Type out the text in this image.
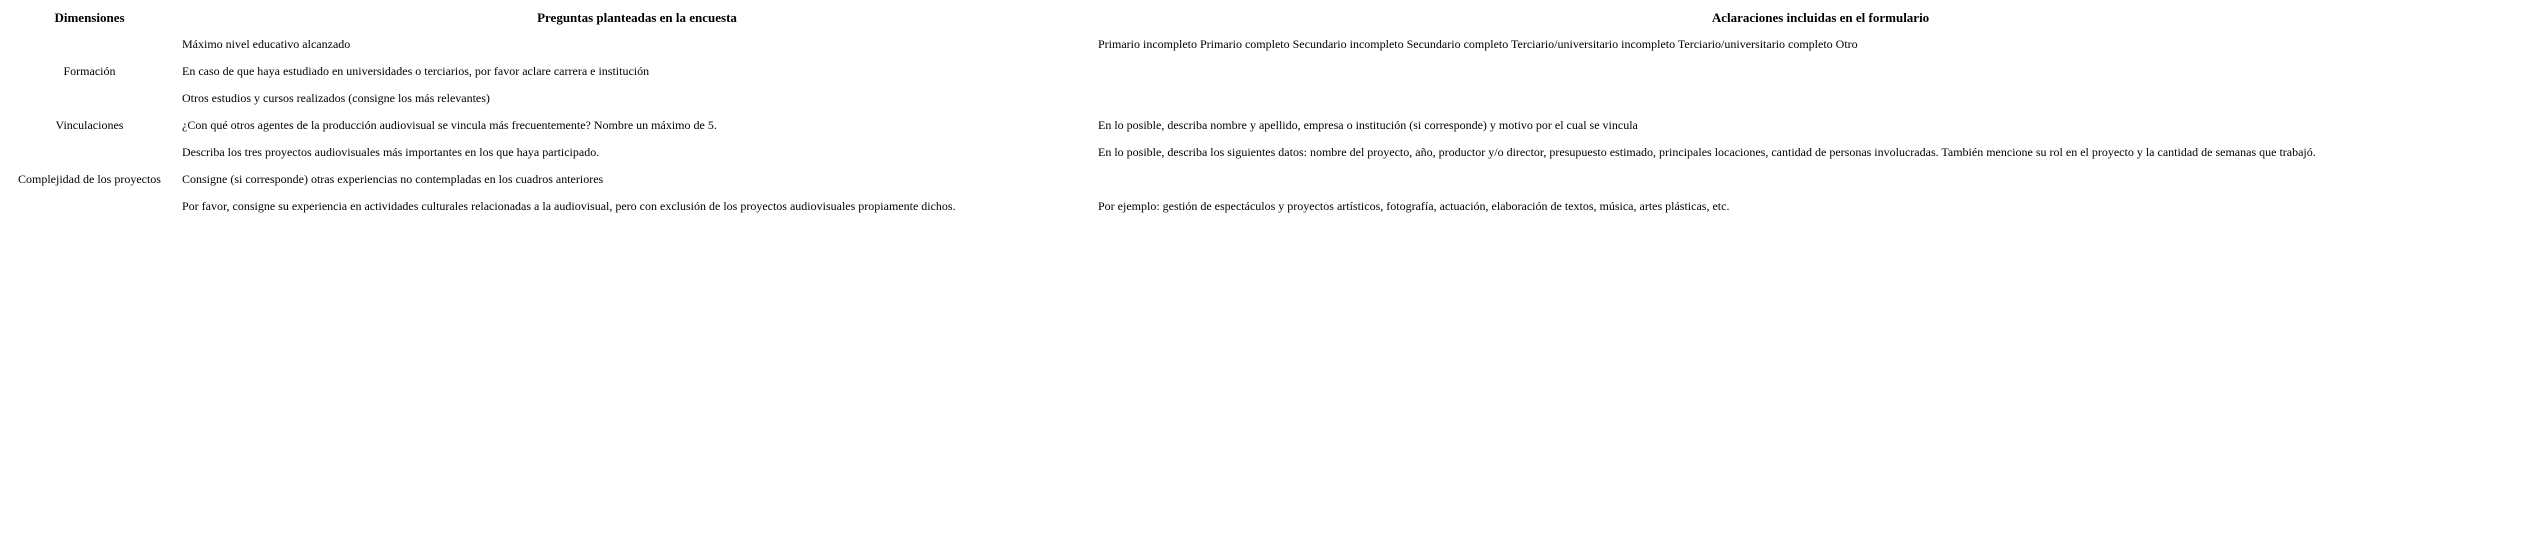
Dimensiones	Preguntas planteadas en la encuesta	Aclaraciones incluidas en el formulario
	Máximo nivel educativo alcanzado	Primario incompleto Primario completo Secundario incompleto Secundario completo Terciario/universitario incompleto Terciario/universitario completo Otro
Formación	En caso de que haya estudiado en universidades o terciarios, por favor aclare carrera e institución	
	Otros estudios y cursos realizados (consigne los más relevantes)	
Vinculaciones	¿Con qué otros agentes de la producción audiovisual se vincula más frecuentemente? Nombre un máximo de 5.	En lo posible, describa nombre y apellido, empresa o institución (si corresponde) y motivo por el cual se vincula
	Describa los tres proyectos audiovisuales más importantes en los que haya participado.	En lo posible, describa los siguientes datos: nombre del proyecto, año, productor y/o director, presupuesto estimado, principales locaciones, cantidad de personas involucradas. También mencione su rol en el proyecto y la cantidad de semanas que trabajó.
Complejidad de los proyectos	Consigne (si corresponde) otras experiencias no contempladas en los cuadros anteriores	
	Por favor, consigne su experiencia en actividades culturales relacionadas a la audiovisual, pero con exclusión de los proyectos audiovisuales propiamente dichos.	Por ejemplo: gestión de espectáculos y proyectos artísticos, fotografía, actuación, elaboración de textos, música, artes plásticas, etc.
